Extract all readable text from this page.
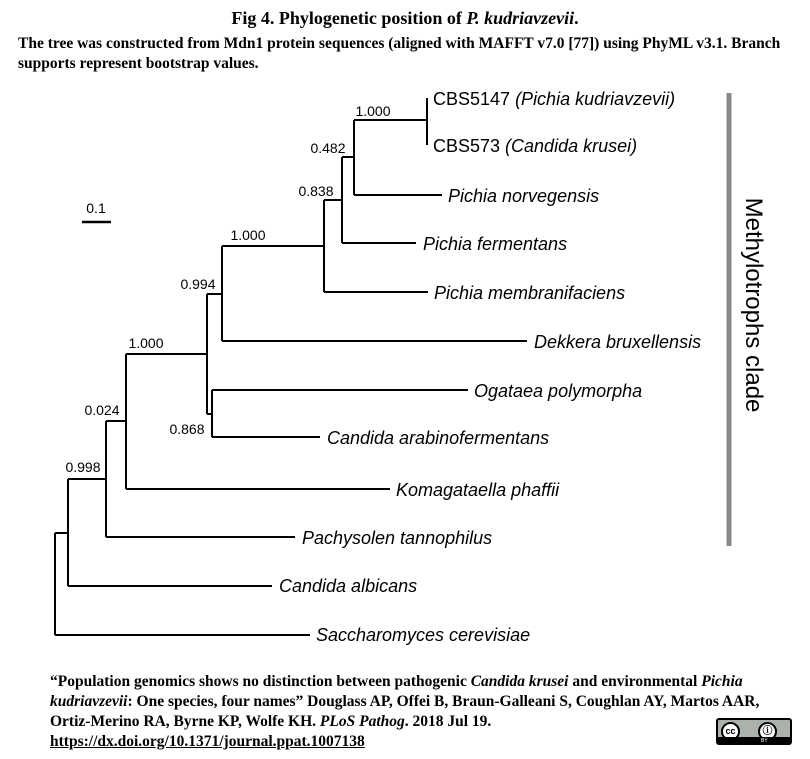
Fig 4. Phylogenetic position of P. kudriavzevii.
The tree was constructed from Mdn1 protein sequences (aligned with MAFFT v7.0 [77]) using PhyML v3.1. Branch supports represent bootstrap values.
0.1
1.000
0.482
0.838
1.000
0.994
1.000
0.868
0.024
0.998
CBS5147 (Pichia kudriavzevii)
CBS573 (Candida krusei)
Pichia norvegensis
Pichia fermentans
Pichia membranifaciens
Dekkera bruxellensis
Ogataea polymorpha
Candida arabinofermentans
Komagataella phaffii
Pachysolen tannophilus
Candida albicans
Saccharomyces cerevisiae
Methylotrophs clade
“Population genomics shows no distinction between pathogenic Candida krusei and environmental Pichia kudriavzevii: One species, four names” Douglass AP, Offei B, Braun-Galleani S, Coughlan AY, Martos AAR, Ortiz-Merino RA, Byrne KP, Wolfe KH. PLoS Pathog. 2018 Jul 19.
https://dx.doi.org/10.1371/journal.ppat.1007138
cc	ⓘ
BY
